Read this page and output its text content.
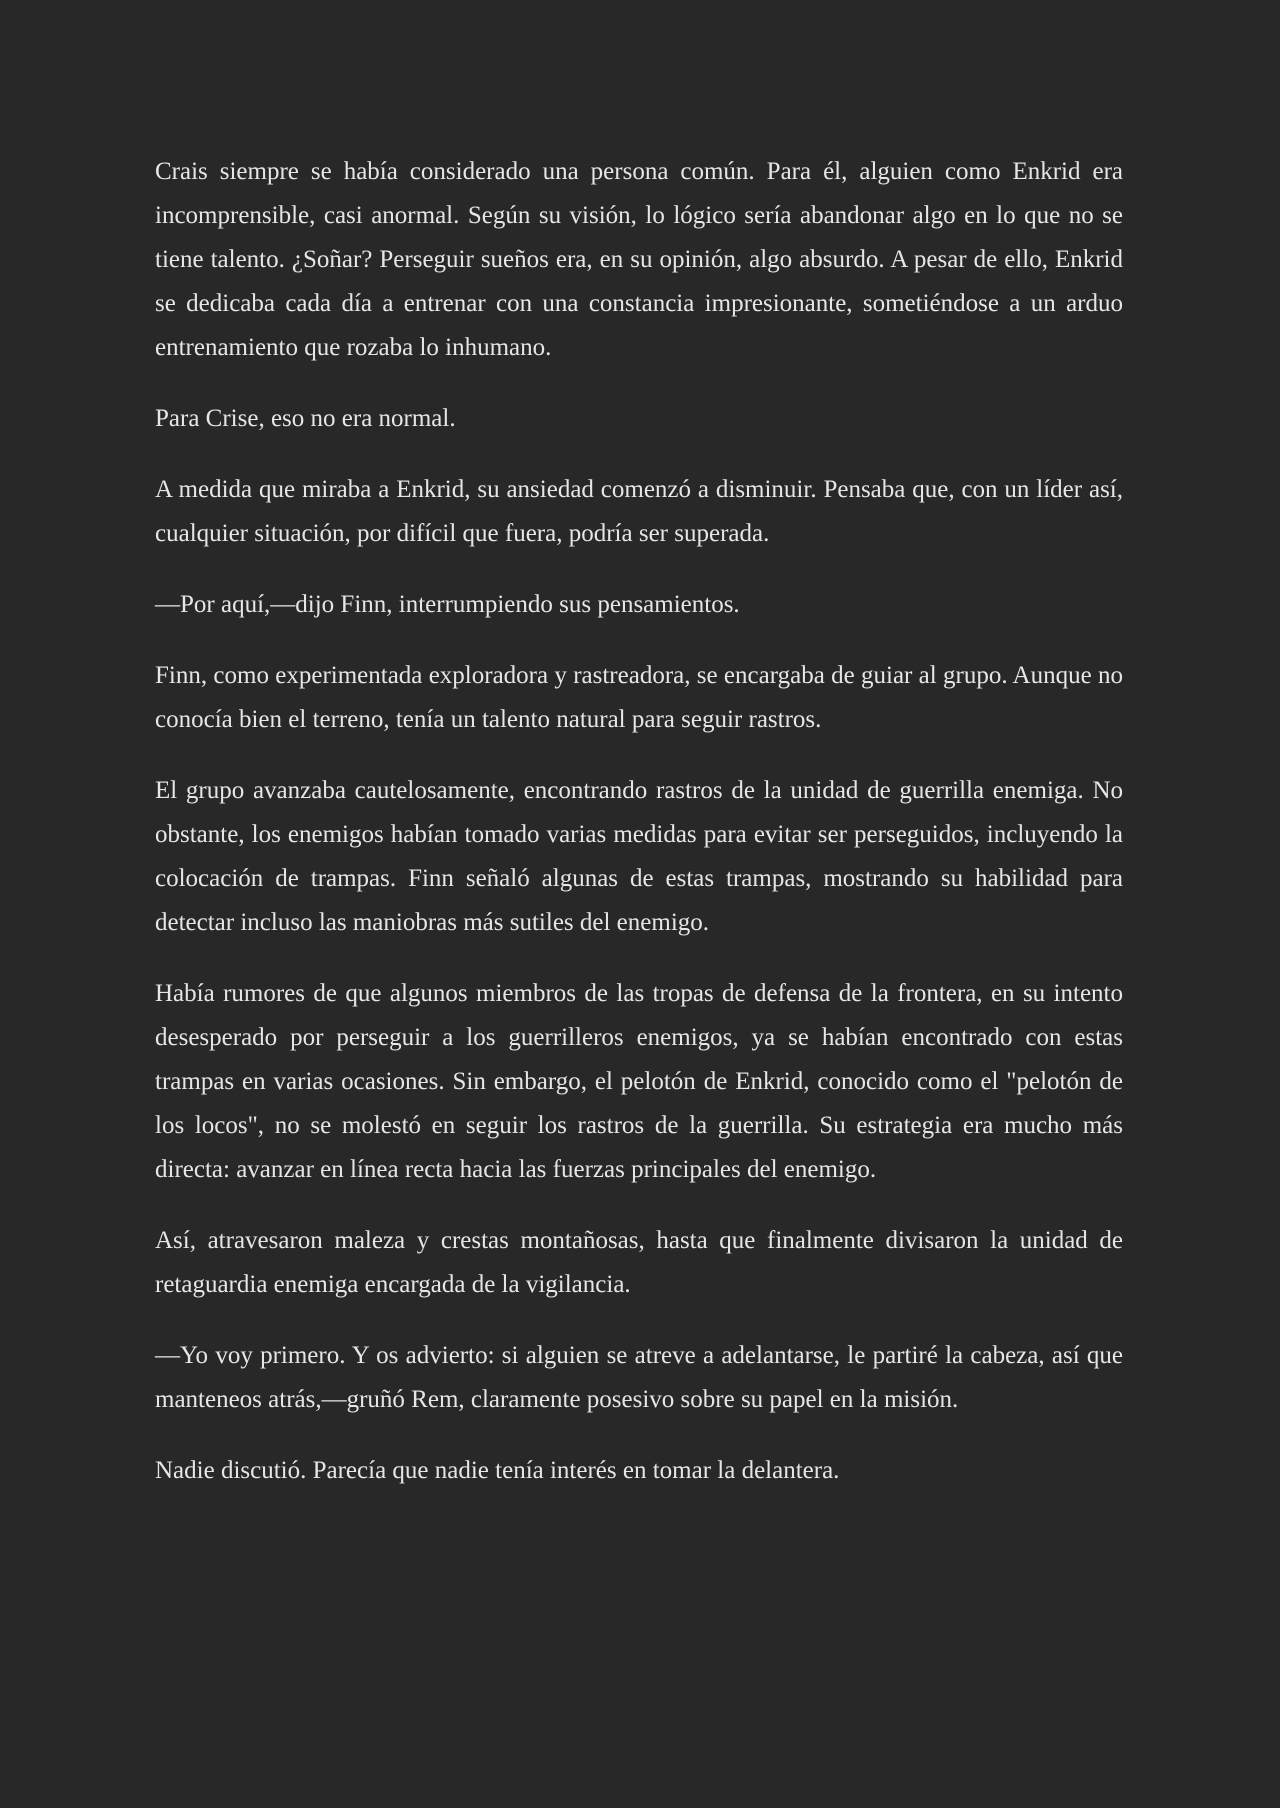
Crais siempre se había considerado una persona común. Para él, alguien como Enkrid era incomprensible, casi anormal. Según su visión, lo lógico sería abandonar algo en lo que no se tiene talento. ¿Soñar? Perseguir sueños era, en su opinión, algo absurdo. A pesar de ello, Enkrid se dedicaba cada día a entrenar con una constancia impresionante, sometiéndose a un arduo entrenamiento que rozaba lo inhumano.

Para Crise, eso no era normal.

A medida que miraba a Enkrid, su ansiedad comenzó a disminuir. Pensaba que, con un líder así, cualquier situación, por difícil que fuera, podría ser superada.

—Por aquí,—dijo Finn, interrumpiendo sus pensamientos.

Finn, como experimentada exploradora y rastreadora, se encargaba de guiar al grupo. Aunque no conocía bien el terreno, tenía un talento natural para seguir rastros.

El grupo avanzaba cautelosamente, encontrando rastros de la unidad de guerrilla enemiga. No obstante, los enemigos habían tomado varias medidas para evitar ser perseguidos, incluyendo la colocación de trampas. Finn señaló algunas de estas trampas, mostrando su habilidad para detectar incluso las maniobras más sutiles del enemigo.

Había rumores de que algunos miembros de las tropas de defensa de la frontera, en su intento desesperado por perseguir a los guerrilleros enemigos, ya se habían encontrado con estas trampas en varias ocasiones. Sin embargo, el pelotón de Enkrid, conocido como el "pelotón de los locos", no se molestó en seguir los rastros de la guerrilla. Su estrategia era mucho más directa: avanzar en línea recta hacia las fuerzas principales del enemigo.

Así, atravesaron maleza y crestas montañosas, hasta que finalmente divisaron la unidad de retaguardia enemiga encargada de la vigilancia.

—Yo voy primero. Y os advierto: si alguien se atreve a adelantarse, le partiré la cabeza, así que manteneos atrás,—gruñó Rem, claramente posesivo sobre su papel en la misión.

Nadie discutió. Parecía que nadie tenía interés en tomar la delantera.
